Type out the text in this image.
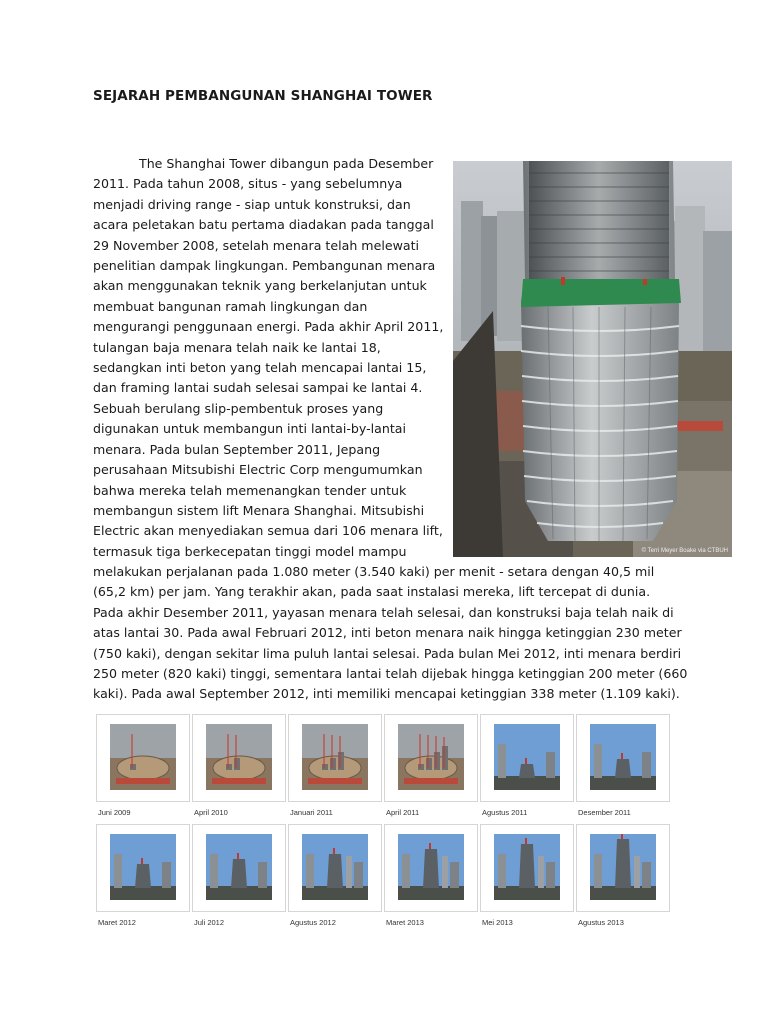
SEJARAH PEMBANGUNAN SHANGHAI TOWER
The Shanghai Tower dibangun pada Desember
2011. Pada tahun 2008, situs - yang sebelumnya
menjadi driving range - siap untuk konstruksi, dan
acara peletakan batu pertama diadakan pada tanggal
29 November 2008, setelah menara telah melewati
penelitian dampak lingkungan. Pembangunan menara
akan menggunakan teknik yang berkelanjutan untuk
membuat bangunan ramah lingkungan dan
mengurangi penggunaan energi. Pada akhir April 2011,
tulangan baja menara telah naik ke lantai 18,
sedangkan inti beton yang telah mencapai lantai 15,
dan framing lantai sudah selesai sampai ke lantai 4.
Sebuah berulang slip-pembentuk proses yang
digunakan untuk membangun inti lantai-by-lantai
menara. Pada bulan September 2011, Jepang
perusahaan Mitsubishi Electric Corp mengumumkan
bahwa mereka telah memenangkan tender untuk
membangun sistem lift Menara Shanghai. Mitsubishi
Electric akan menyediakan semua dari 106 menara lift,
termasuk tiga berkecepatan tinggi model mampu	© Terri Meyer Boake via CTBUH
melakukan perjalanan pada 1.080 meter (3.540 kaki) per menit - setara dengan 40,5 mil
(65,2 km) per jam. Yang terakhir akan, pada saat instalasi mereka, lift tercepat di dunia.
Pada akhir Desember 2011, yayasan menara telah selesai, dan konstruksi baja telah naik di
atas lantai 30. Pada awal Februari 2012, inti beton menara naik hingga ketinggian 230 meter
(750 kaki), dengan sekitar lima puluh lantai selesai. Pada bulan Mei 2012, inti menara berdiri
250 meter (820 kaki) tinggi, sementara lantai telah dijebak hingga ketinggian 200 meter (660
kaki). Pada awal September 2012, inti memiliki mencapai ketinggian 338 meter (1.109 kaki).
Juni 2009	April 2010	Januari 2011	April 2011	Agustus 2011	Desember 2011
Maret 2012	Juli 2012	Agustus 2012	Maret 2013	Mei 2013	Agustus 2013
